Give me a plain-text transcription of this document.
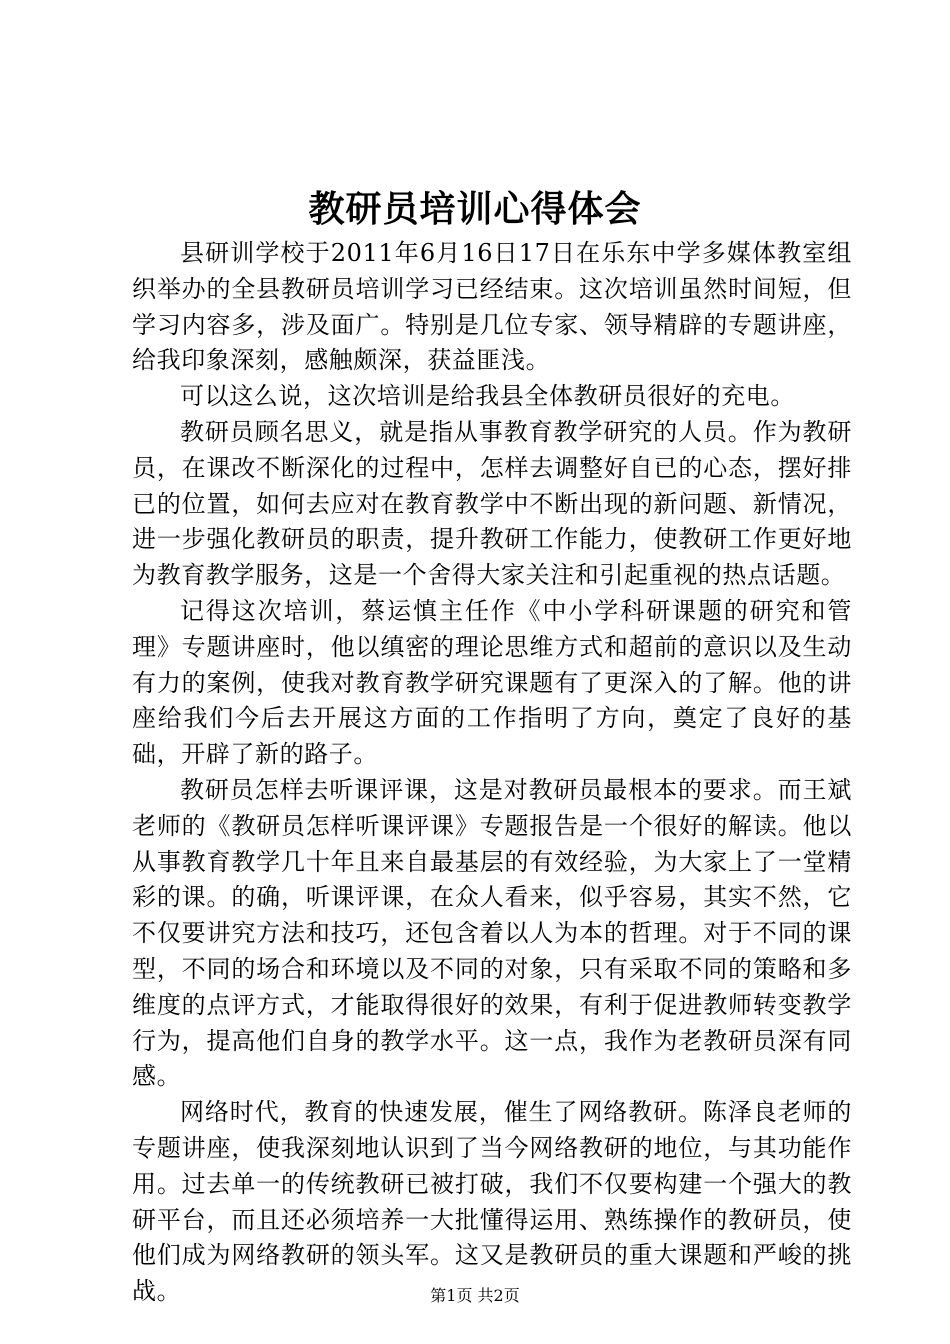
教研员培训心得体会

县研训学校于2011年6月16日17日在乐东中学多媒体教室组织举办的全县教研员培训学习已经结束。这次培训虽然时间短，但学习内容多，涉及面广。特别是几位专家、领导精辟的专题讲座，给我印象深刻，感触颇深，获益匪浅。

可以这么说，这次培训是给我县全体教研员很好的充电。

教研员顾名思义，就是指从事教育教学研究的人员。作为教研员，在课改不断深化的过程中，怎样去调整好自已的心态，摆好排已的位置，如何去应对在教育教学中不断出现的新问题、新情况，进一步强化教研员的职责，提升教研工作能力，使教研工作更好地为教育教学服务，这是一个舍得大家关注和引起重视的热点话题。

记得这次培训，蔡运慎主任作《中小学科研课题的研究和管理》专题讲座时，他以缜密的理论思维方式和超前的意识以及生动有力的案例，使我对教育教学研究课题有了更深入的了解。他的讲座给我们今后去开展这方面的工作指明了方向，奠定了良好的基础，开辟了新的路子。

教研员怎样去听课评课，这是对教研员最根本的要求。而王斌老师的《教研员怎样听课评课》专题报告是一个很好的解读。他以从事教育教学几十年且来自最基层的有效经验，为大家上了一堂精彩的课。的确，听课评课，在众人看来，似乎容易，其实不然，它不仅要讲究方法和技巧，还包含着以人为本的哲理。对于不同的课型，不同的场合和环境以及不同的对象，只有采取不同的策略和多维度的点评方式，才能取得很好的效果，有利于促进教师转变教学行为，提高他们自身的教学水平。这一点，我作为老教研员深有同感。

网络时代，教育的快速发展，催生了网络教研。陈泽良老师的专题讲座，使我深刻地认识到了当今网络教研的地位，与其功能作用。过去单一的传统教研已被打破，我们不仅要构建一个强大的教研平台，而且还必须培养一大批懂得运用、熟练操作的教研员，使他们成为网络教研的领头军。这又是教研员的重大课题和严峻的挑战。	第1页 共2页
